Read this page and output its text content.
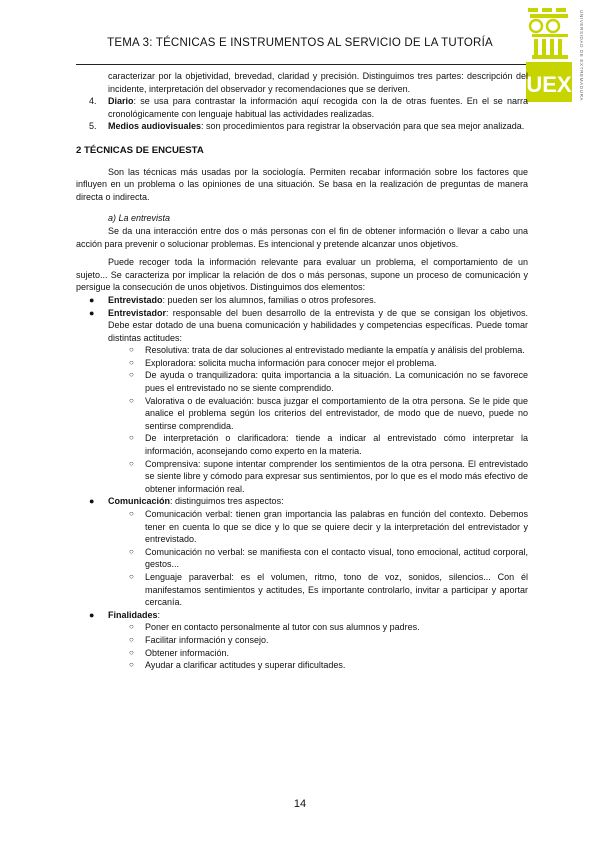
TEMA 3: TÉCNICAS E INSTRUMENTOS AL SERVICIO DE LA TUTORÍA
UEX UNIVERSIDAD DE EXTREMADURA

caracterizar por la objetividad, brevedad, claridad y precisión. Distinguimos tres partes: descripción del incidente, interpretación del observador y recomendaciones que se deriven.

4. Diario: se usa para contrastar la información aquí recogida con la de otras fuentes. En el se narra cronológicamente con lenguaje habitual las actividades realizadas.
5. Medios audiovisuales: son procedimientos para registrar la observación para que sea mejor analizada.
2 TÉCNICAS DE ENCUESTA

Son las técnicas más usadas por la sociología. Permiten recabar información sobre los factores que influyen en un problema o las opiniones de una situación. Se basa en la realización de preguntas de manera directa o indirecta.

a) La entrevista

Se da una interacción entre dos o más personas con el fin de obtener información o llevar a cabo una acción para prevenir o solucionar problemas. Es intencional y pretende alcanzar unos objetivos.

Puede recoger toda la información relevante para evaluar un problema, el comportamiento de un sujeto... Se caracteriza por implicar la relación de dos o más personas, supone un proceso de comunicación y persigue la consecución de unos objetivos. Distinguimos dos elementos:

● Entrevistado: pueden ser los alumnos, familias o otros profesores.
● Entrevistador: responsable del buen desarrollo de la entrevista y de que se consigan los objetivos. Debe estar dotado de una buena comunicación y habilidades y competencias específicas. Puede tomar distintas actitudes:
○ Resolutiva: trata de dar soluciones al entrevistado mediante la empatía y análisis del problema.
○ Exploradora: solicita mucha información para conocer mejor el problema.
○ De ayuda o tranquilizadora: quita importancia a la situación. La comunicación no se favorece pues el entrevistado no se siente comprendido.
○ Valorativa o de evaluación: busca juzgar el comportamiento de la otra persona. Se le pide que analice el problema según los criterios del entrevistador, de modo que de nuevo, puede no sentirse comprendida.
○ De interpretación o clarificadora: tiende a indicar al entrevistado cómo interpretar la información, aconsejando como experto en la materia.
○ Comprensiva: supone intentar comprender los sentimientos de la otra persona. El entrevistado se siente libre y cómodo para expresar sus sentimientos, por lo que es el modo más efectivo de obtener información real.
● Comunicación: distinguimos tres aspectos:
○ Comunicación verbal: tienen gran importancia las palabras en función del contexto. Debemos tener en cuenta lo que se dice y lo que se quiere decir y la interpretación del entrevistador y entrevistado.
○ Comunicación no verbal: se manifiesta con el contacto visual, tono emocional, actitud corporal, gestos...
○ Lenguaje paraverbal: es el volumen, ritmo, tono de voz, sonidos, silencios... Con él manifestamos sentimientos y actitudes, Es importante controlarlo, invitar a participar y aportar cercanía.
● Finalidades:
○ Poner en contacto personalmente al tutor con sus alumnos y padres.
○ Facilitar información y consejo.
○ Obtener información.
○ Ayudar a clarificar actitudes y superar dificultades.
14
